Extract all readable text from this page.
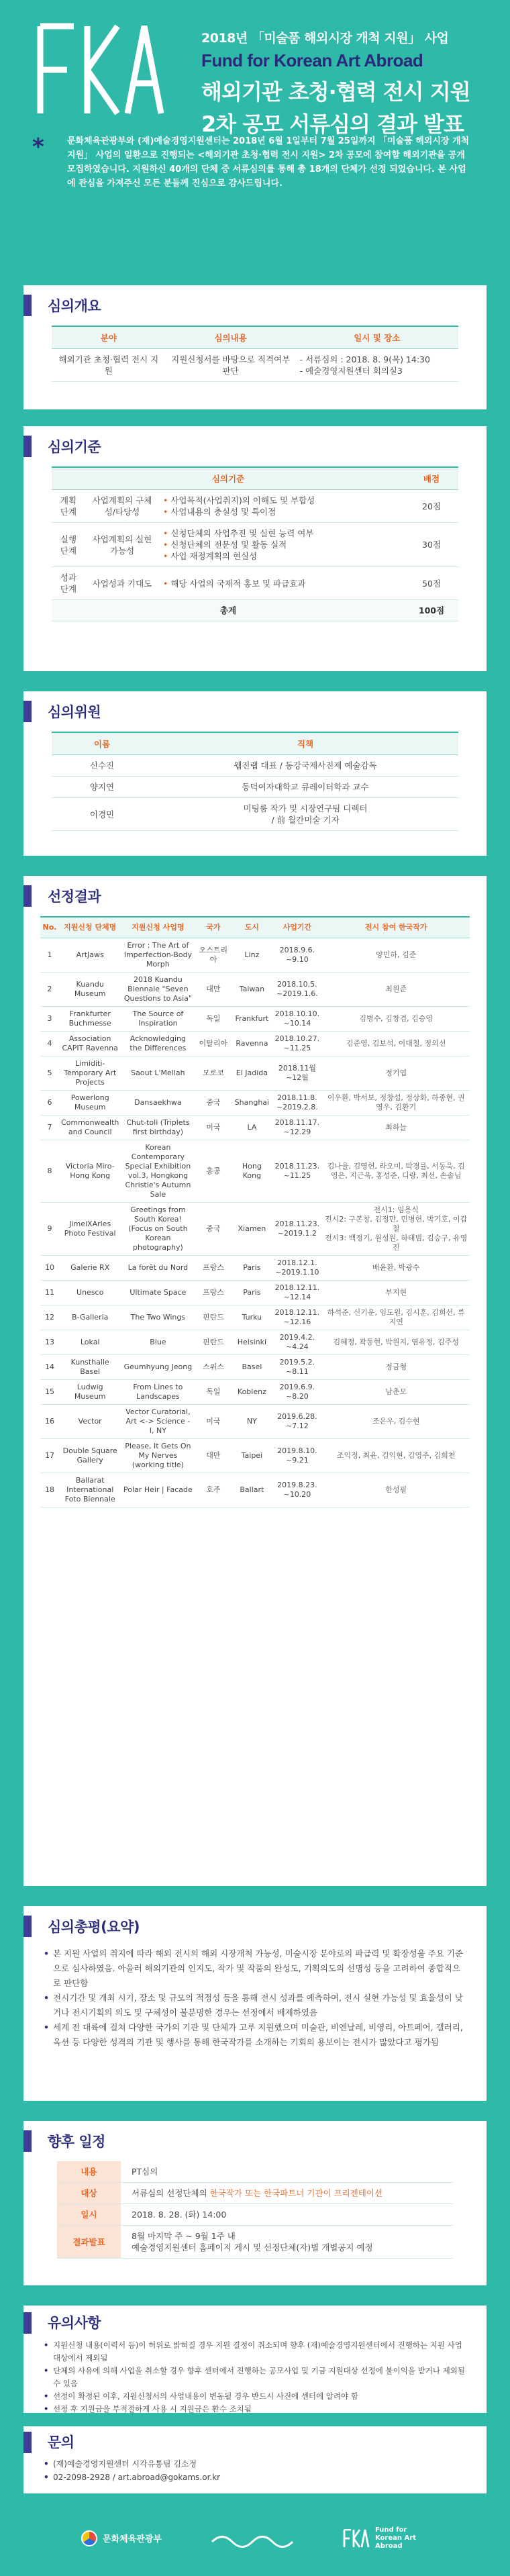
2018년 「미술품 해외시장 개척 지원」 사업
Fund for Korean Art Abroad
해외기관 초청·협력 전시 지원
2차 공모 서류심의 결과 발표
*	문화체육관광부와 (재)예술경영지원센터는 2018년 6월 1일부터 7월 25일까지 「미술품 해외시장 개척 지원」 사업의 일환으로 진행되는 <해외기관 초청·협력 전시 지원> 2차 공모에 참여할 해외기관을 공개 모집하였습니다. 지원하신 40개의 단체 중 서류심의를 통해 총 18개의 단체가 선정 되었습니다. 본 사업에 관심을 가져주신 모든 분들께 진심으로 감사드립니다.
심의개요
분야	심의내용	일시 및 장소
해외기관 초청·협력 전시 지원	지원신청서를 바탕으로 적격여부 판단	- 서류심의 : 2018. 8. 9(목) 14:30
- 예술경영지원센터 회의실3
심의기준
심의기준			배점
계획 단계	사업계획의 구체성/타당성	• 사업목적(사업취지)의 이해도 및 부합성
• 사업내용의 충실성 및 특이점	20점
실행 단계	사업계획의 실현가능성	• 신청단체의 사업추진 및 실현 능력 여부
• 신청단체의 전문성 및 활동 실적
• 사업 재정계획의 현실성	30점
성과 단계	사업성과 기대도	• 해당 사업의 국제적 홍보 및 파급효과	50점
총계			100점
심의위원
이름	직책
신수진	웹진랩 대표 / 동강국제사진제 예술감독
양지연	동덕여자대학교 큐레이터학과 교수
이경민	미팅룸 작가 및 시장연구팀 디렉터
/ 前 월간미술 기자
선정결과
No.	지원신청 단체명	지원신청 사업명	국가	도시	사업기간	전시 참여 한국작가
1	ArtJaws	Error : The Art of Imperfection-Body Morph	오스트리아	Linz	2018.9.6.
~9.10	양민하, 김준
2	Kuandu Museum	2018 Kuandu Biennale "Seven Questions to Asia"	대만	Taiwan	2018.10.5.
~2019.1.6.	최원준
3	Frankfurter Buchmesse	The Source of Inspiration	독일	Frankfurt	2018.10.10.
~10.14	김병수, 김창겸, 김승영
4	Association CAPIT Ravenna	Acknowledging the Differences	이탈리아	Ravenna	2018.10.27.
~11.25	김준영, 김보석, 이대철, 정의선
5	Limiditi-Temporary Art Projects	Saout L'Mellah	모로코	El Jadida	2018.11월
~12월	정기엽
6	Powerlong Museum	Dansaekhwa	중국	Shanghai	2018.11.8.
~2019.2.8.	이우환, 박서보, 정창섭, 정상화, 하종현, 권영우, 김환기
7	Commonwealth and Council	Chut-toli (Triplets first birthday)	미국	LA	2018.11.17.
~12.29	최하늘
8	Victoria Miro-Hong Kong	Korean Contemporary Special Exhibition vol.3, Hongkong Christie's Autumn Sale	홍콩	Hong Kong	2018.11.23.
~11.25	김나율, 김영헌, 라오미, 박경률, 서동욱, 김영은, 지근욱, 홍성준, 디랑, 최선, 손솔님
9	JimeiXArles Photo Festival	Greetings from South Korea! (Focus on South Korean photography)	중국	Xiamen	2018.11.23.
~2019.1.2	전시1: 임용식
전시2: 구본창, 김정만, 민병헌, 박기호, 이갑철
전시3: 백정기, 원성원, 하태범, 김승구, 유영진
10	Galerie RX	La forêt du Nord	프랑스	Paris	2018.12.1.
~2019.1.10	배윤환, 박광수
11	Unesco	Ultimate Space	프랑스	Paris	2018.12.11.
~12.14	부지현
12	B-Galleria	The Two Wings	핀란드	Turku	2018.12.11.
~12.16	하석준, 신기운, 임도원, 김시훈, 김희선, 류지연
13	Lokal	Blue	핀란드	Helsinki	2019.4.2.
~4.24	김혜정, 곽동현, 박원지, 염유정, 김주성
14	Kunsthalle Basel	Geumhyung Jeong	스위스	Basel	2019.5.2.
~8.11	정금형
15	Ludwig Museum	From Lines to Landscapes	독일	Koblenz	2019.6.9.
~8.20	남춘모
16	Vector	Vector Curatorial, Art <-> Science - I, NY	미국	NY	2019.6.28.
~7.12	조은우, 김수현
17	Double Square Gallery	Please, It Gets On My Nerves (working title)	대만	Taipei	2019.8.10.
~9.21	조익정, 최윤, 김익현, 김영주, 김희천
18	Ballarat International Foto Biennale	Polar Heir | Facade	호주	Ballart	2019.8.23.
~10.20	한성필
심의총평(요약)
• 본 지원 사업의 취지에 따라 해외 전시의 해외 시장개척 가능성, 미술시장 분야로의 파급력 및 확장성을 주요 기준으로 심사하였음. 아울러 해외기관의 인지도, 작가 및 작품의 완성도, 기획의도의 선명성 등을 고려하여 종합적으로 판단함
• 전시기간 및 개최 시기, 장소 및 규모의 적정성 등을 통해 전시 성과를 예측하여, 전시 실현 가능성 및 효율성이 낮거나 전시기획의 의도 및 구체성이 불분명한 경우는 선정에서 배제하였음
• 세계 전 대륙에 걸쳐 다양한 국가의 기관 및 단체가 고루 지원했으며 미술관, 비엔날레, 비영리, 아트페어, 갤러리, 옥션 등 다양한 성격의 기관 및 행사를 통해 한국작가를 소개하는 기회의 용보이는 전시가 많았다고 평가됨
향후 일정
내용	PT심의
대상	서류심의 선정단체의 한국작가 또는 한국파트너 기관이 프리젠테이션
일시	2018. 8. 28. (화) 14:00
결과발표	8월 마지막 주 ~ 9월 1주 내
예술경영지원센터 홈페이지 게시 및 선정단체(자)별 개별공지 예정
유의사항
• 지원신청 내용(이력서 등)이 허위로 밝혀질 경우 지원 결정이 취소되며 향후 (재)예술경영지원센터에서 진행하는 지원 사업 대상에서 제외됨
• 단체의 사유에 의해 사업을 취소할 경우 향후 센터에서 진행하는 공모사업 및 기금 지원대상 선정에 불이익을 받거나 제외될 수 있음
• 선정이 확정된 이후, 지원신청서의 사업내용이 변동될 경우 반드시 사전에 센터에 알려야 함
• 선정 후 지원금을 부적절하게 사용 시 지원금은 환수 조치됨
문의
• (재)예술경영지원센터 시각유통팀 김소정
• 02-2098-2928 / art.abroad@gokams.or.kr
문화체육관광부
Fund for Korean Art Abroad
